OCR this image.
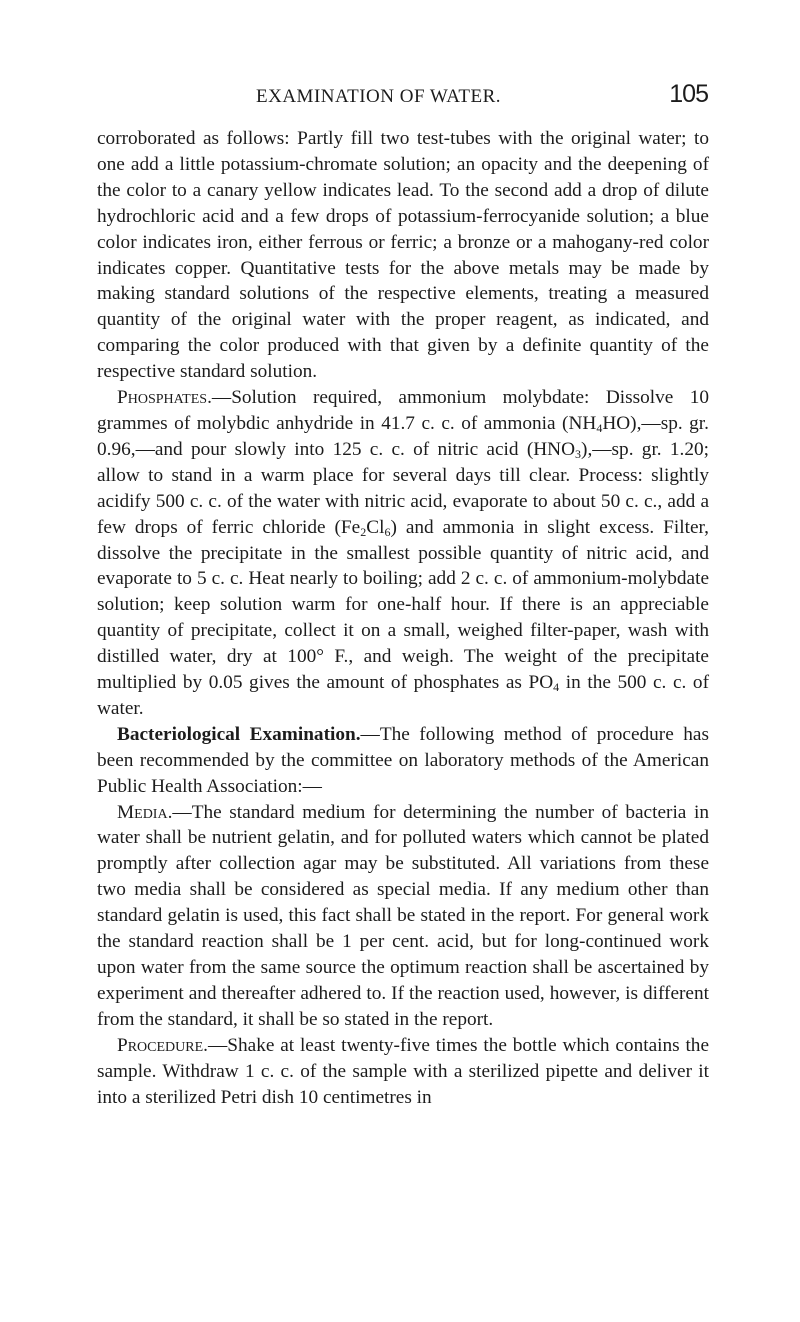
EXAMINATION OF WATER.	105

corroborated as follows: Partly fill two test-tubes with the original water; to one add a little potassium-chromate solution; an opacity and the deepening of the color to a canary yellow indicates lead. To the second add a drop of dilute hydrochloric acid and a few drops of potassium-ferrocyanide solution; a blue color indicates iron, either ferrous or ferric; a bronze or a mahogany-red color indicates copper. Quantitative tests for the above metals may be made by making standard solutions of the respective elements, treating a measured quantity of the original water with the proper reagent, as indicated, and comparing the color produced with that given by a definite quantity of the respective standard solution.

Phosphates.—Solution required, ammonium molybdate: Dissolve 10 grammes of molybdic anhydride in 41.7 c. c. of ammonia $(NH_4HO),—sp$. gr. 0.96,—and pour slowly into 125 c. c. of nitric acid $(HNO_3),—sp$. gr. 1.20; allow to stand in a warm place for several days till clear. Process: slightly acidify 500 c. c. of the water with nitric acid, evaporate to about 50 c. c., add a few drops of ferric chloride $(Fe_2Cl_6)$ and ammonia in slight excess. Filter, dissolve the precipitate in the smallest possible quantity of nitric acid, and evaporate to 5 c. c. Heat nearly to boiling; add 2 c. c. of ammonium-molybdate solution; keep solution warm for one-half hour. If there is an appreciable quantity of precipitate, collect it on a small, weighed filter-paper, wash with distilled water, dry at 100° F., and weigh. The weight of the precipitate multiplied by 0.05 gives the amount of phosphates as $PO_4$ in the 500 c. c. of water.

Bacteriological Examination.—The following method of procedure has been recommended by the committee on laboratory methods of the American Public Health Association:—

Media.—The standard medium for determining the number of bacteria in water shall be nutrient gelatin, and for polluted waters which cannot be plated promptly after collection agar may be substituted. All variations from these two media shall be considered as special media. If any medium other than standard gelatin is used, this fact shall be stated in the report. For general work the standard reaction shall be 1 per cent. acid, but for long-continued work upon water from the same source the optimum reaction shall be ascertained by experiment and thereafter adhered to. If the reaction used, however, is different from the standard, it shall be so stated in the report.

Procedure.—Shake at least twenty-five times the bottle which contains the sample. Withdraw 1 c. c. of the sample with a sterilized pipette and deliver it into a sterilized Petri dish 10 centimetres in
